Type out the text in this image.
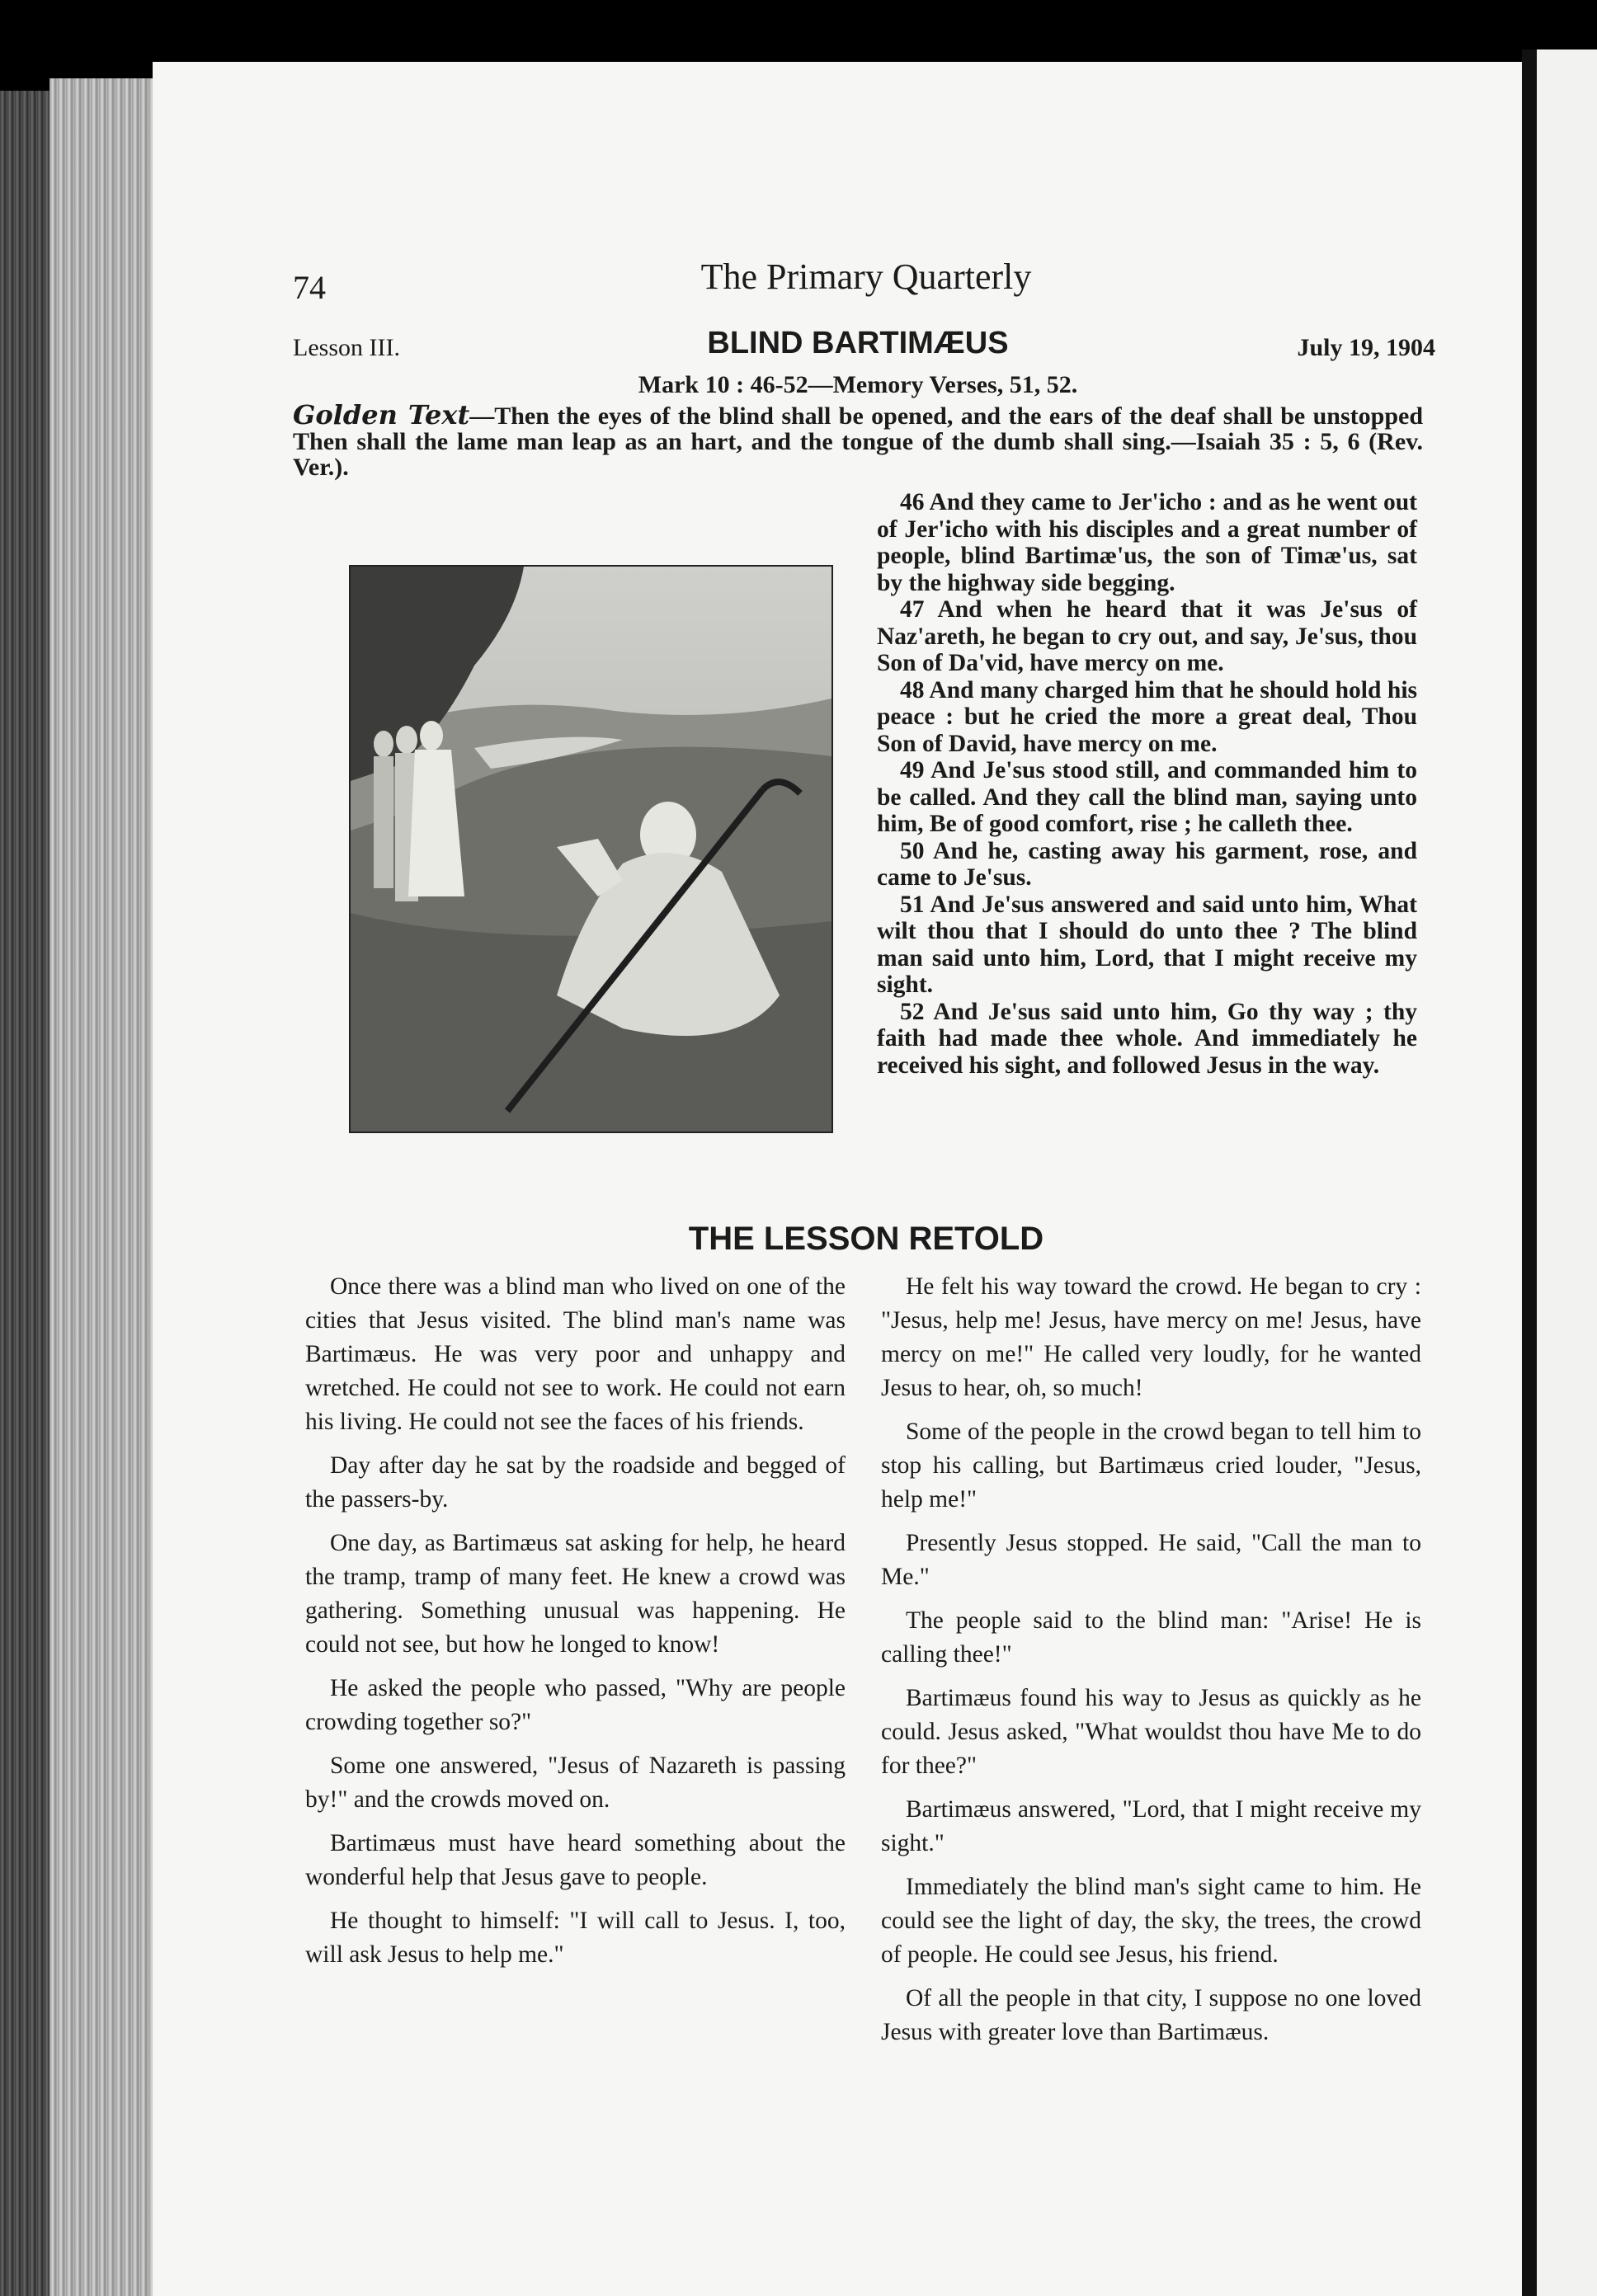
74	The Primary Quarterly
Lesson III.	BLIND BARTIMÆUS	July 19, 1904
Mark 10 : 46-52—Memory Verses, 51, 52.
Golden Text—Then the eyes of the blind shall be opened, and the ears of the deaf shall be unstopped Then shall the lame man leap as an hart, and the tongue of the dumb shall sing.—Isaiah 35 : 5, 6 (Rev. Ver.).

46 And they came to Jer'icho : and as he went out of Jer'icho with his disciples and a great number of people, blind Bartimæ'us, the son of Timæ'us, sat by the highway side begging.

47 And when he heard that it was Je'sus of Naz'areth, he began to cry out, and say, Je'sus, thou Son of Da'vid, have mercy on me.

48 And many charged him that he should hold his peace : but he cried the more a great deal, Thou Son of David, have mercy on me.

49 And Je'sus stood still, and commanded him to be called. And they call the blind man, saying unto him, Be of good comfort, rise ; he calleth thee.

50 And he, casting away his garment, rose, and came to Je'sus.

51 And Je'sus answered and said unto him, What wilt thou that I should do unto thee ? The blind man said unto him, Lord, that I might receive my sight.

52 And Je'sus said unto him, Go thy way ; thy faith had made thee whole. And immediately he received his sight, and followed Jesus in the way.

THE LESSON RETOLD

Once there was a blind man who lived on one of the cities that Jesus visited. The blind man's name was Bartimæus. He was very poor and unhappy and wretched. He could not see to work. He could not earn his living. He could not see the faces of his friends.

Day after day he sat by the roadside and begged of the passers-by.

One day, as Bartimæus sat asking for help, he heard the tramp, tramp of many feet. He knew a crowd was gathering. Something unusual was happening. He could not see, but how he longed to know!

He asked the people who passed, "Why are people crowding together so?"

Some one answered, "Jesus of Nazareth is passing by!" and the crowds moved on.

Bartimæus must have heard something about the wonderful help that Jesus gave to people.

He thought to himself: "I will call to Jesus. I, too, will ask Jesus to help me."

He felt his way toward the crowd. He began to cry : "Jesus, help me! Jesus, have mercy on me! Jesus, have mercy on me!" He called very loudly, for he wanted Jesus to hear, oh, so much!

Some of the people in the crowd began to tell him to stop his calling, but Bartimæus cried louder, "Jesus, help me!"

Presently Jesus stopped. He said, "Call the man to Me."

The people said to the blind man: "Arise! He is calling thee!"

Bartimæus found his way to Jesus as quickly as he could. Jesus asked, "What wouldst thou have Me to do for thee?"

Bartimæus answered, "Lord, that I might receive my sight."

Immediately the blind man's sight came to him. He could see the light of day, the sky, the trees, the crowd of people. He could see Jesus, his friend.

Of all the people in that city, I suppose no one loved Jesus with greater love than Bartimæus.
